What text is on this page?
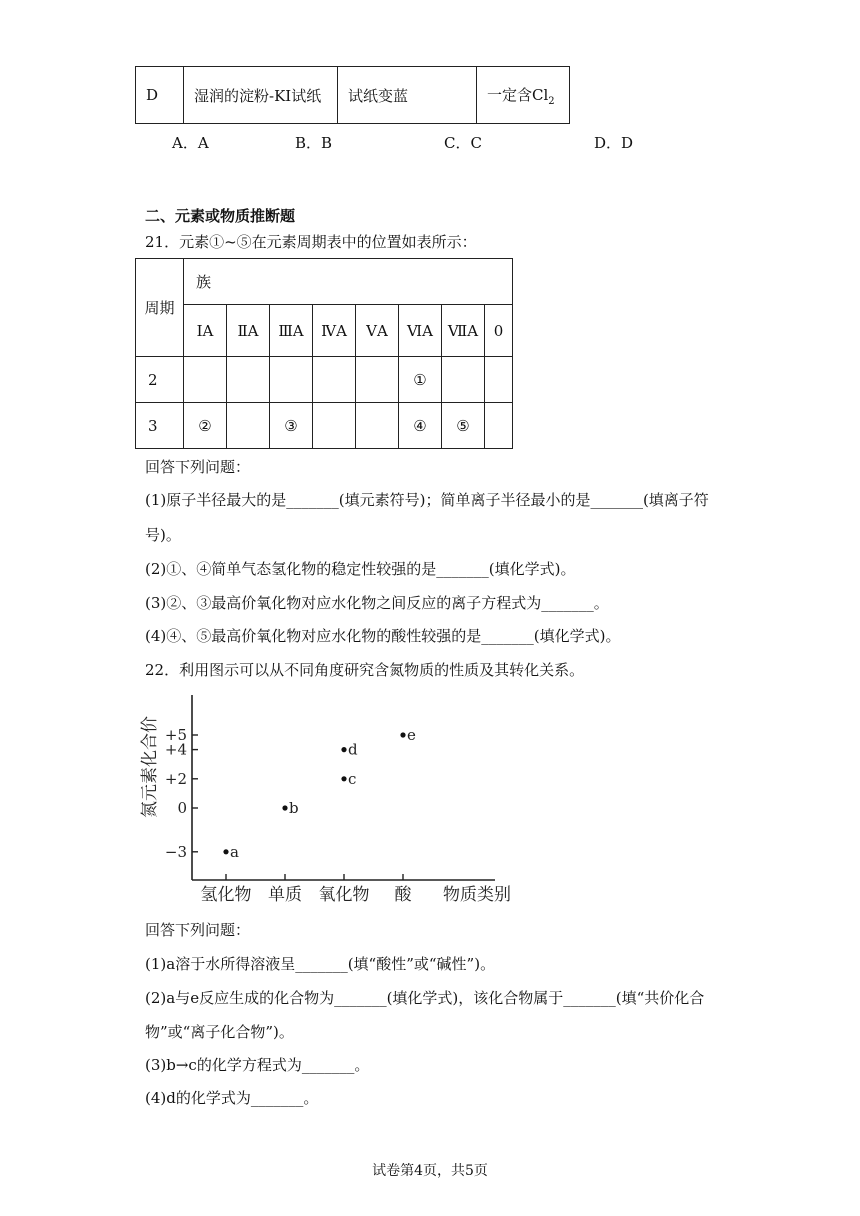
D	湿润的淀粉-KI试纸	试纸变蓝	一定含$Cl_2$
A．A	B．B	C．C	D．D
二、元素或物质推断题
21．元素①~⑤在元素周期表中的位置如表所示：
周期	族							
	ⅠA	ⅡA	ⅢA	ⅣA	ⅤA	ⅥA	ⅦA	0
2						①		
3	②		③			④	⑤	
回答下列问题：
(1)原子半径最大的是_______(填元素符号)；简单离子半径最小的是_______(填离子符
号)。
(2)①、④简单气态氢化物的稳定性较强的是_______(填化学式)。
(3)②、③最高价氧化物对应水化物之间反应的离子方程式为_______。
(4)④、⑤最高价氧化物对应水化物的酸性较强的是_______(填化学式)。
22．利用图示可以从不同角度研究含氮物质的性质及其转化关系。
+5
+4
+2
0
−3
氢化物 单质 氧化物 酸
a
b
c
d
e
氮元素化合价
物质类别
回答下列问题：
(1)a溶于水所得溶液呈_______(填“酸性”或“碱性”)。
(2)a与e反应生成的化合物为_______(填化学式)，该化合物属于_______(填“共价化合
物”或“离子化合物”)。
(3)b→c的化学方程式为_______。
(4)d的化学式为_______。
试卷第4页，共5页
